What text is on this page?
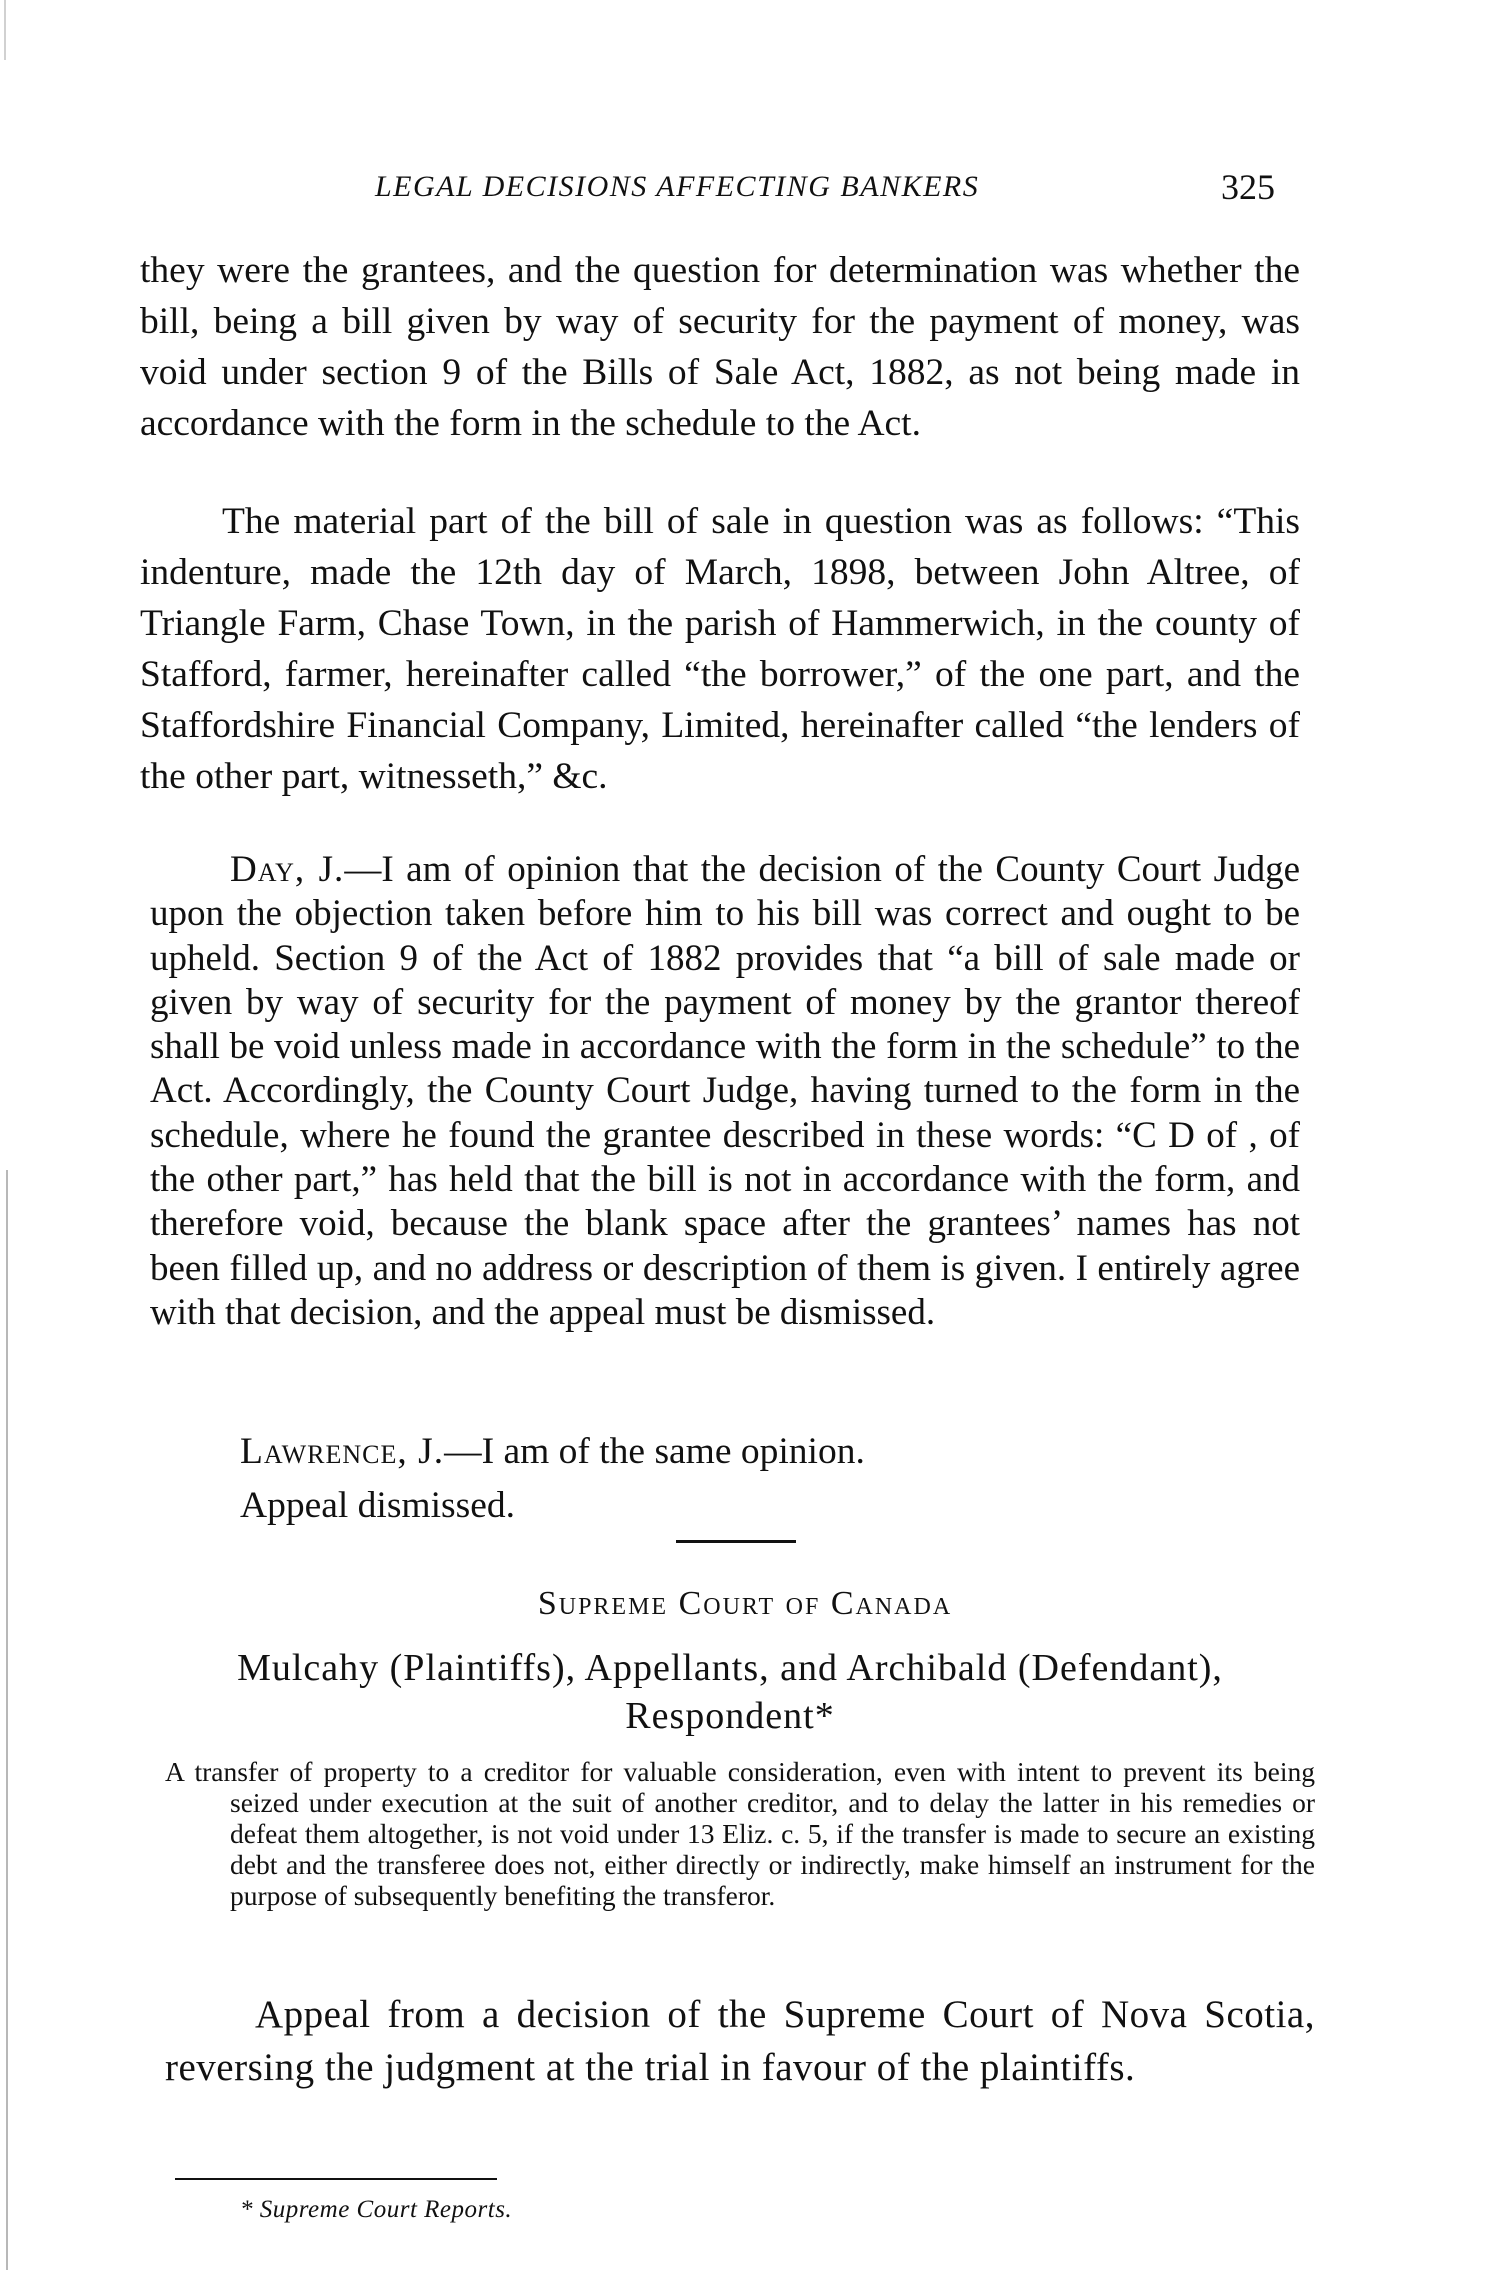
LEGAL DECISIONS AFFECTING BANKERS	325

they were the grantees, and the question for determination was whether the bill, being a bill given by way of security for the payment of money, was void under section 9 of the Bills of Sale Act, 1882, as not being made in accordance with the form in the schedule to the Act.

The material part of the bill of sale in question was as follows: “This indenture, made the 12th day of March, 1898, between John Altree, of Triangle Farm, Chase Town, in the parish of Hammerwich, in the county of Stafford, farmer, hereinafter called “the borrower,” of the one part, and the Staffordshire Financial Company, Limited, hereinafter called “the lenders of the other part, witnesseth,” &c.

Day, J.—I am of opinion that the decision of the County Court Judge upon the objection taken before him to his bill was correct and ought to be upheld. Section 9 of the Act of 1882 provides that “a bill of sale made or given by way of security for the payment of money by the grantor thereof shall be void unless made in accordance with the form in the schedule” to the Act. Accordingly, the County Court Judge, having turned to the form in the schedule, where he found the grantee described in these words: “C D of , of the other part,” has held that the bill is not in accordance with the form, and therefore void, because the blank space after the grantees’ names has not been filled up, and no address or description of them is given. I entirely agree with that decision, and the appeal must be dismissed.

Lawrence, J.—I am of the same opinion.

Appeal dismissed.

Supreme Court of Canada
Mulcahy (Plaintiffs), Appellants, and Archibald (Defendant),
Respondent*

A transfer of property to a creditor for valuable consideration, even with intent to prevent its being seized under execution at the suit of another creditor, and to delay the latter in his remedies or defeat them altogether, is not void under 13 Eliz. c. 5, if the transfer is made to secure an existing debt and the transferee does not, either directly or indirectly, make himself an instrument for the purpose of subsequently benefiting the transferor.

Appeal from a decision of the Supreme Court of Nova Scotia, reversing the judgment at the trial in favour of the plaintiffs.

* Supreme Court Reports.
